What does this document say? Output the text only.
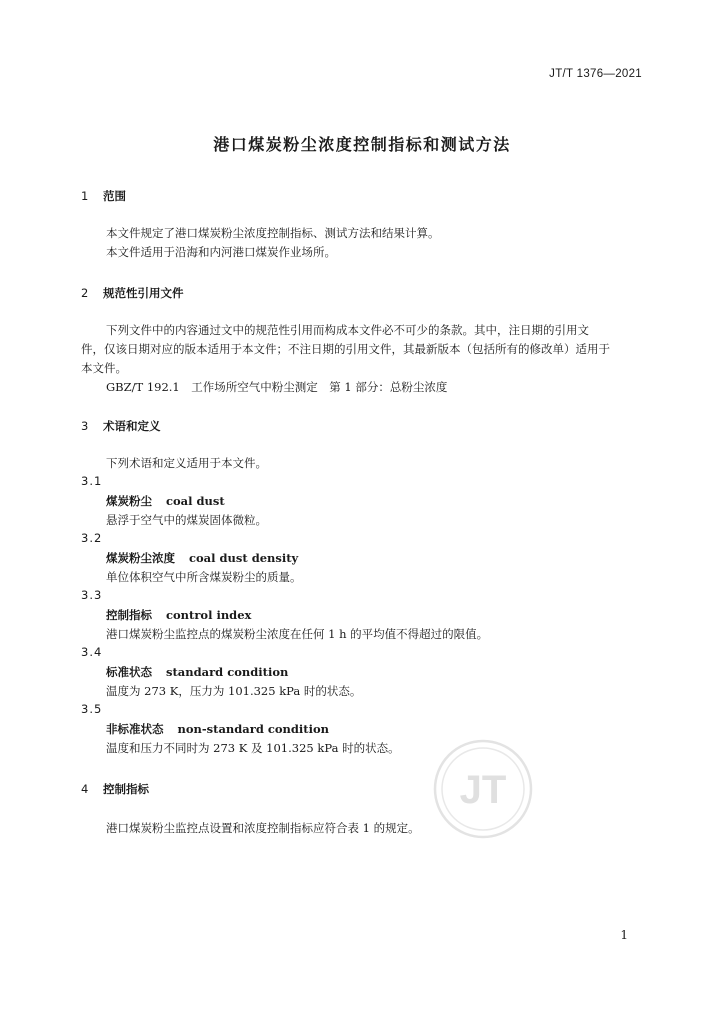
JT/T 1376—2021
港口煤炭粉尘浓度控制指标和测试方法
1 范围
本文件规定了港口煤炭粉尘浓度控制指标、测试方法和结果计算。
本文件适用于沿海和内河港口煤炭作业场所。
2 规范性引用文件
下列文件中的内容通过文中的规范性引用而构成本文件必不可少的条款。其中，注日期的引用文
件，仅该日期对应的版本适用于本文件；不注日期的引用文件，其最新版本（包括所有的修改单）适用于
本文件。
GBZ/T 192.1　工作场所空气中粉尘测定　第 1 部分：总粉尘浓度
3 术语和定义
下列术语和定义适用于本文件。
3.1
煤炭粉尘 coal dust
悬浮于空气中的煤炭固体微粒。
3.2
煤炭粉尘浓度 coal dust density
单位体积空气中所含煤炭粉尘的质量。
3.3
控制指标 control index
港口煤炭粉尘监控点的煤炭粉尘浓度在任何 1 h 的平均值不得超过的限值。
3.4
标准状态 standard condition
温度为 273 K，压力为 101.325 kPa 时的状态。
3.5
非标准状态 non-standard condition
温度和压力不同时为 273 K 及 101.325 kPa 时的状态。
JT
4 控制指标
港口煤炭粉尘监控点设置和浓度控制指标应符合表 1 的规定。
1
